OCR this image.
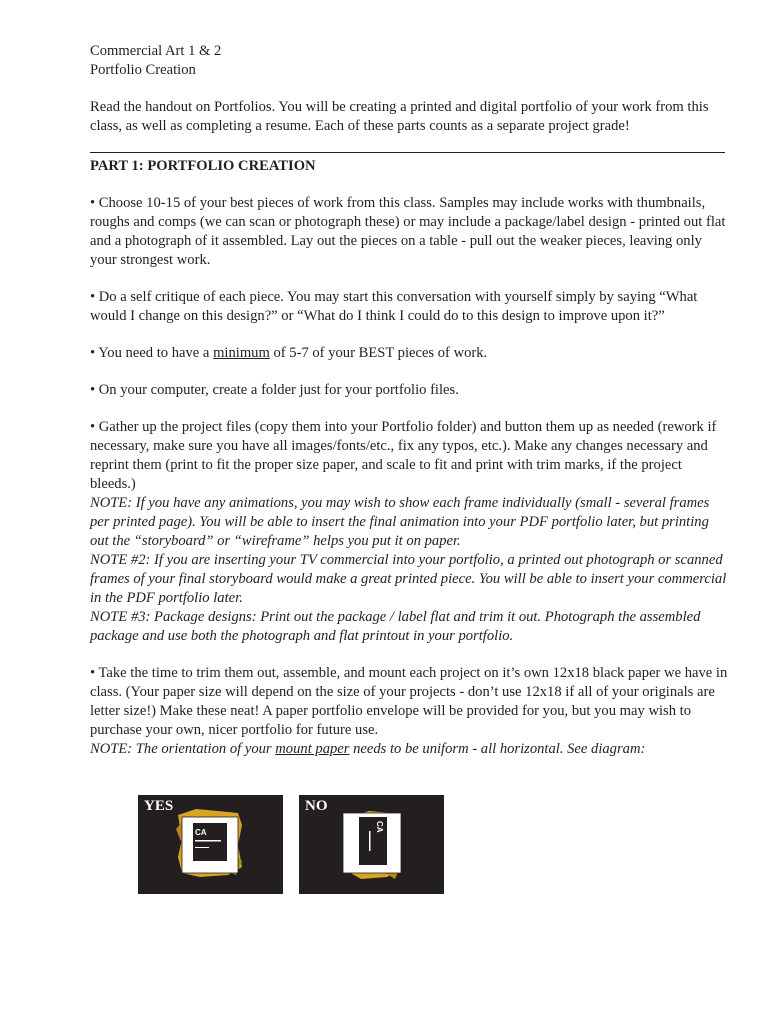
Commercial Art 1 & 2

Portfolio Creation

Read the handout on Portfolios. You will be creating a printed and digital portfolio of your work from this class, as well as completing a resume. Each of these parts counts as a separate project grade!

PART 1: PORTFOLIO CREATION

• Choose 10-15 of your best pieces of work from this class. Samples may include works with thumbnails, roughs and comps (we can scan or photograph these) or may include a package/label design - printed out flat and a photograph of it assembled. Lay out the pieces on a table - pull out the weaker pieces, leaving only your strongest work.

• Do a self critique of each piece. You may start this conversation with yourself simply by saying “What would I change on this design?” or “What do I think I could do to this design to improve upon it?”

• You need to have a minimum of 5-7 of your BEST pieces of work.

• On your computer, create a folder just for your portfolio files.

• Gather up the project files (copy them into your Portfolio folder) and button them up as needed (rework if necessary, make sure you have all images/fonts/etc., fix any typos, etc.). Make any changes necessary and reprint them (print to fit the proper size paper, and scale to fit and print with trim marks, if the project bleeds.)

NOTE: If you have any animations, you may wish to show each frame individually (small - several frames per printed page). You will be able to insert the final animation into your PDF portfolio later, but printing out the “storyboard” or “wireframe” helps you put it on paper.

NOTE #2: If you are inserting your TV commercial into your portfolio, a printed out photograph or scanned frames of your final storyboard would make a great printed piece. You will be able to insert your commercial in the PDF portfolio later.

NOTE #3: Package designs: Print out the package / label flat and trim it out. Photograph the assembled package and use both the photograph and flat printout in your portfolio.

• Take the time to trim them out, assemble, and mount each project on it’s own 12x18 black paper we have in class. (Your paper size will depend on the size of your projects - don’t use 12x18 if all of your originals are letter size!) Make these neat! A paper portfolio envelope will be provided for you, but you may wish to purchase your own, nicer portfolio for future use.

NOTE: The orientation of your mount paper needs to be uniform - all horizontal. See diagram:

CA
YES
CA
NO
